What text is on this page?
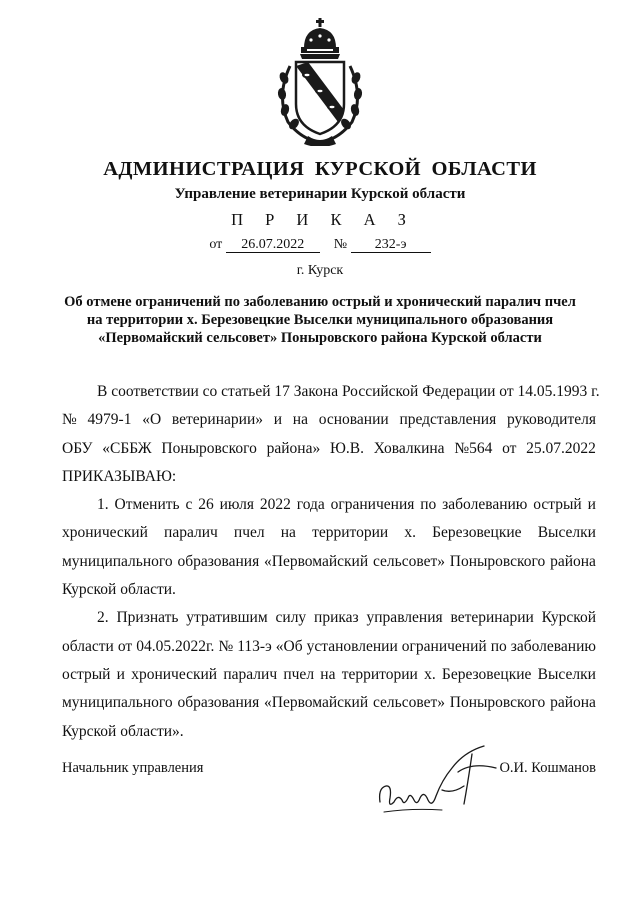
АДМИНИСТРАЦИЯ КУРСКОЙ ОБЛАСТИ
Управление ветеринарии Курской области
П Р И К А З
от 26.07.2022 № 232-э
г. Курск
Об отмене ограничений по заболеванию острый и хронический паралич пчел
на территории х. Березовецкие Выселки муниципального образования
«Первомайский сельсовет» Поныровского района Курской области
В соответствии со статьей 17 Закона Российской Федерации от 14.05.1993 г.
№ 4979-1 «О ветеринарии» и на основании представления руководителя
ОБУ «СББЖ Поныровского района» Ю.В. Ховалкина №564 от 25.07.2022
ПРИКАЗЫВАЮ:
1. Отменить с 26 июля 2022 года ограничения по заболеванию острый и
хронический паралич пчел на территории х. Березовецкие Выселки
муниципального образования «Первомайский сельсовет» Поныровского района
Курской области.
2. Признать утратившим силу приказ управления ветеринарии Курской
области от 04.05.2022г. № 113-э «Об установлении ограничений по заболеванию
острый и хронический паралич пчел на территории х. Березовецкие Выселки
муниципального образования «Первомайский сельсовет» Поныровского района
Курской области».
Начальник управления	О.И. Кошманов
